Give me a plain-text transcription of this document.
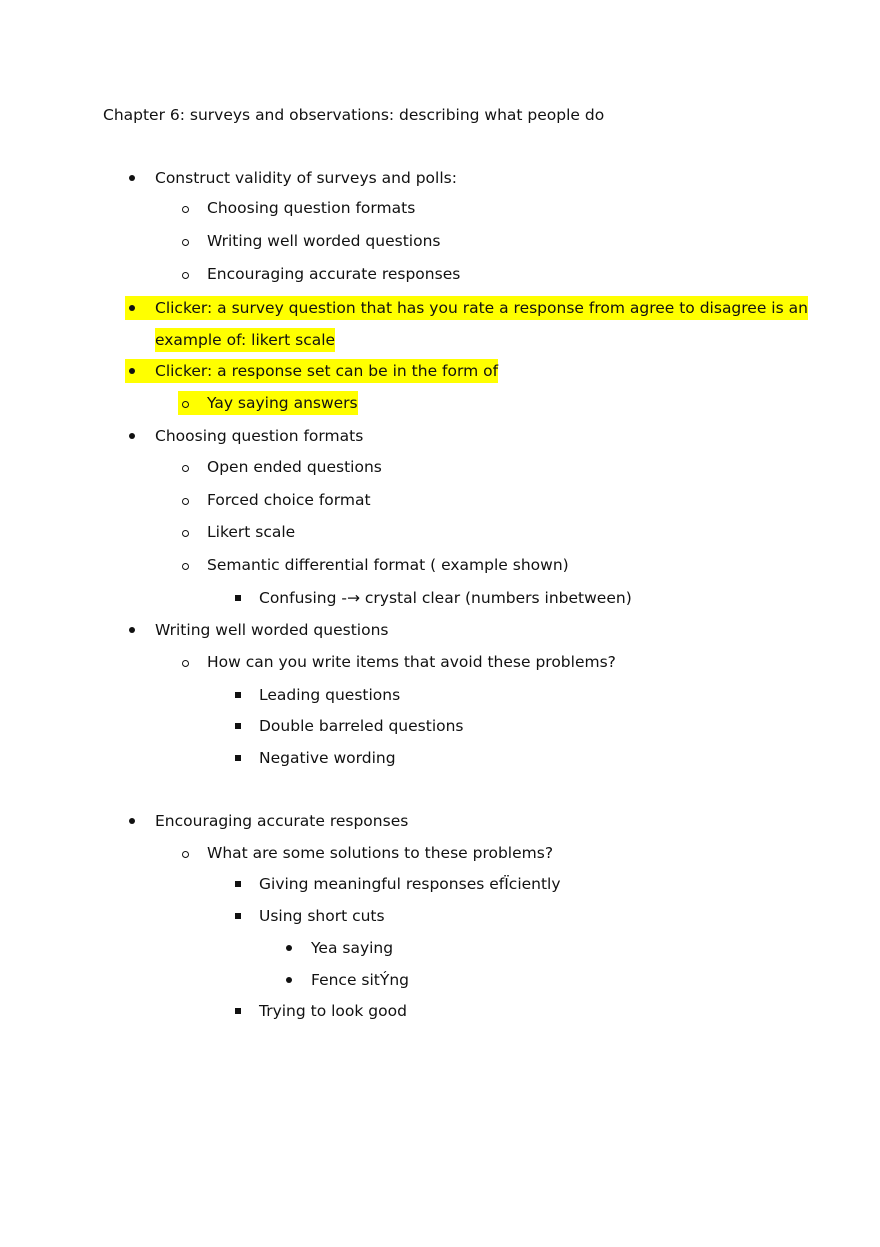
Chapter 6: surveys and observations: describing what people do
Construct validity of surveys and polls:
Choosing question formats
Writing well worded questions
Encouraging accurate responses
Clicker: a survey question that has you rate a response from agree to disagree is an
example of: likert scale
Clicker: a response set can be in the form of
Yay saying answers
Choosing question formats
Open ended questions
Forced choice format
Likert scale
Semantic differential format ( example shown)
Confusing -→ crystal clear (numbers inbetween)
Writing well worded questions
How can you write items that avoid these problems?
Leading questions
Double barreled questions
Negative wording
Encouraging accurate responses
What are some solutions to these problems?
Giving meaningful responses efÏciently
Using short cuts
Yea saying
Fence sitÝng
Trying to look good
